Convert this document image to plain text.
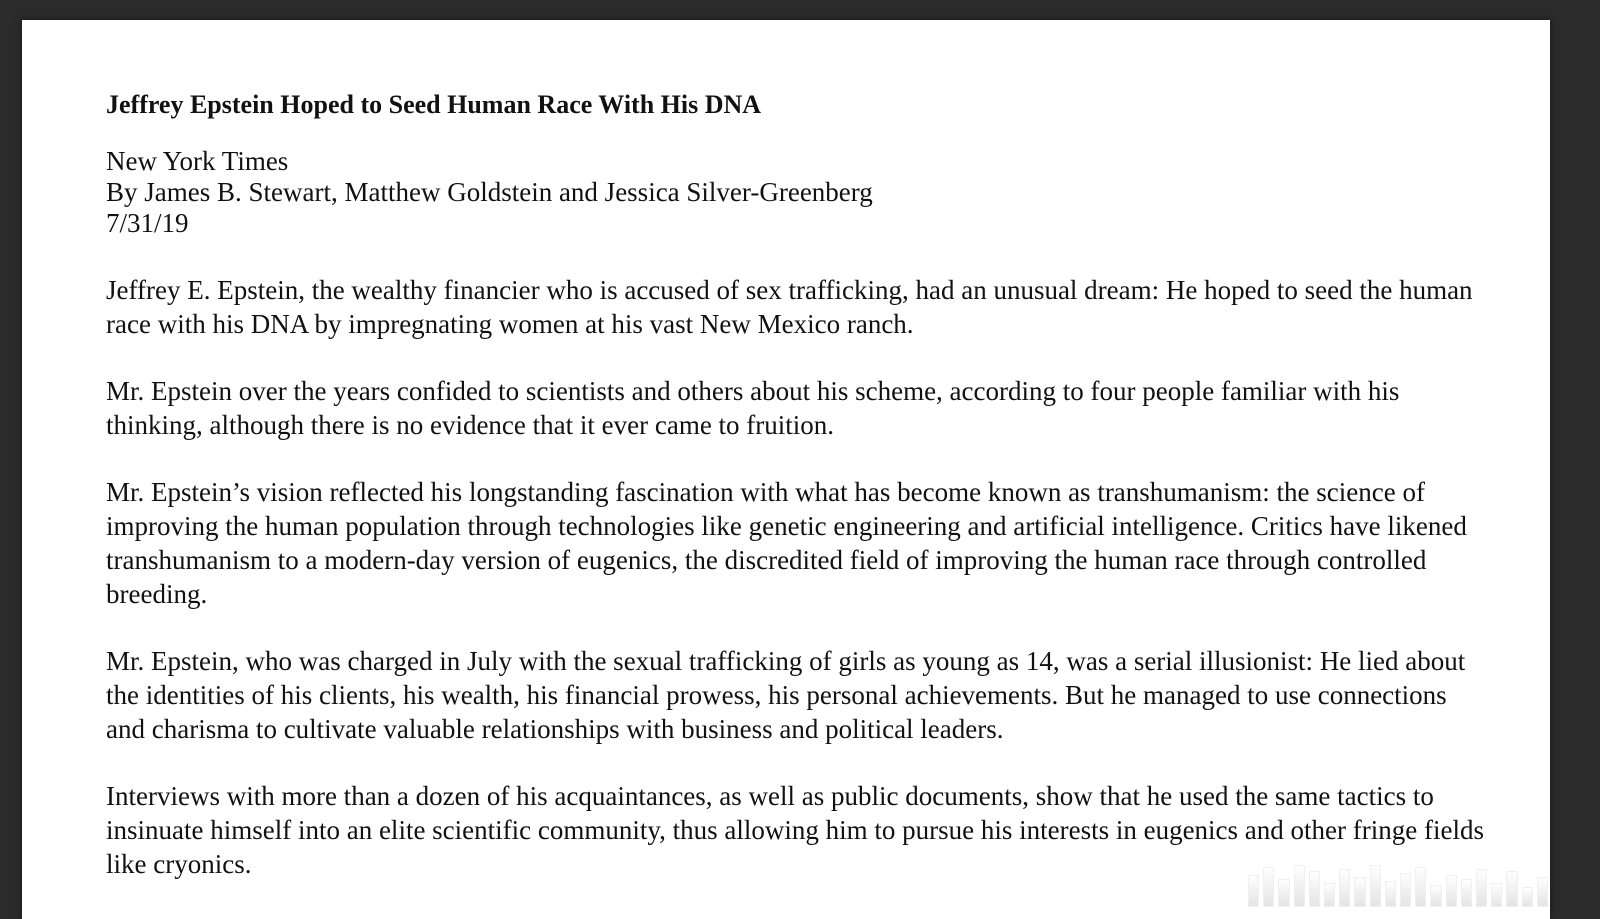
Jeffrey Epstein Hoped to Seed Human Race With His DNA
New York Times
By James B. Stewart, Matthew Goldstein and Jessica Silver-Greenberg
7/31/19

Jeffrey E. Epstein, the wealthy financier who is accused of sex trafficking, had an unusual dream: He hoped to seed the human race with his DNA by impregnating women at his vast New Mexico ranch.

Mr. Epstein over the years confided to scientists and others about his scheme, according to four people familiar with his thinking, although there is no evidence that it ever came to fruition.

Mr. Epstein’s vision reflected his longstanding fascination with what has become known as transhumanism: the science of improving the human population through technologies like genetic engineering and artificial intelligence. Critics have likened transhumanism to a modern-day version of eugenics, the discredited field of improving the human race through controlled breeding.

Mr. Epstein, who was charged in July with the sexual trafficking of girls as young as 14, was a serial illusionist: He lied about the identities of his clients, his wealth, his financial prowess, his personal achievements. But he managed to use connections and charisma to cultivate valuable relationships with business and political leaders.

Interviews with more than a dozen of his acquaintances, as well as public documents, show that he used the same tactics to insinuate himself into an elite scientific community, thus allowing him to pursue his interests in eugenics and other fringe fields like cryonics.
